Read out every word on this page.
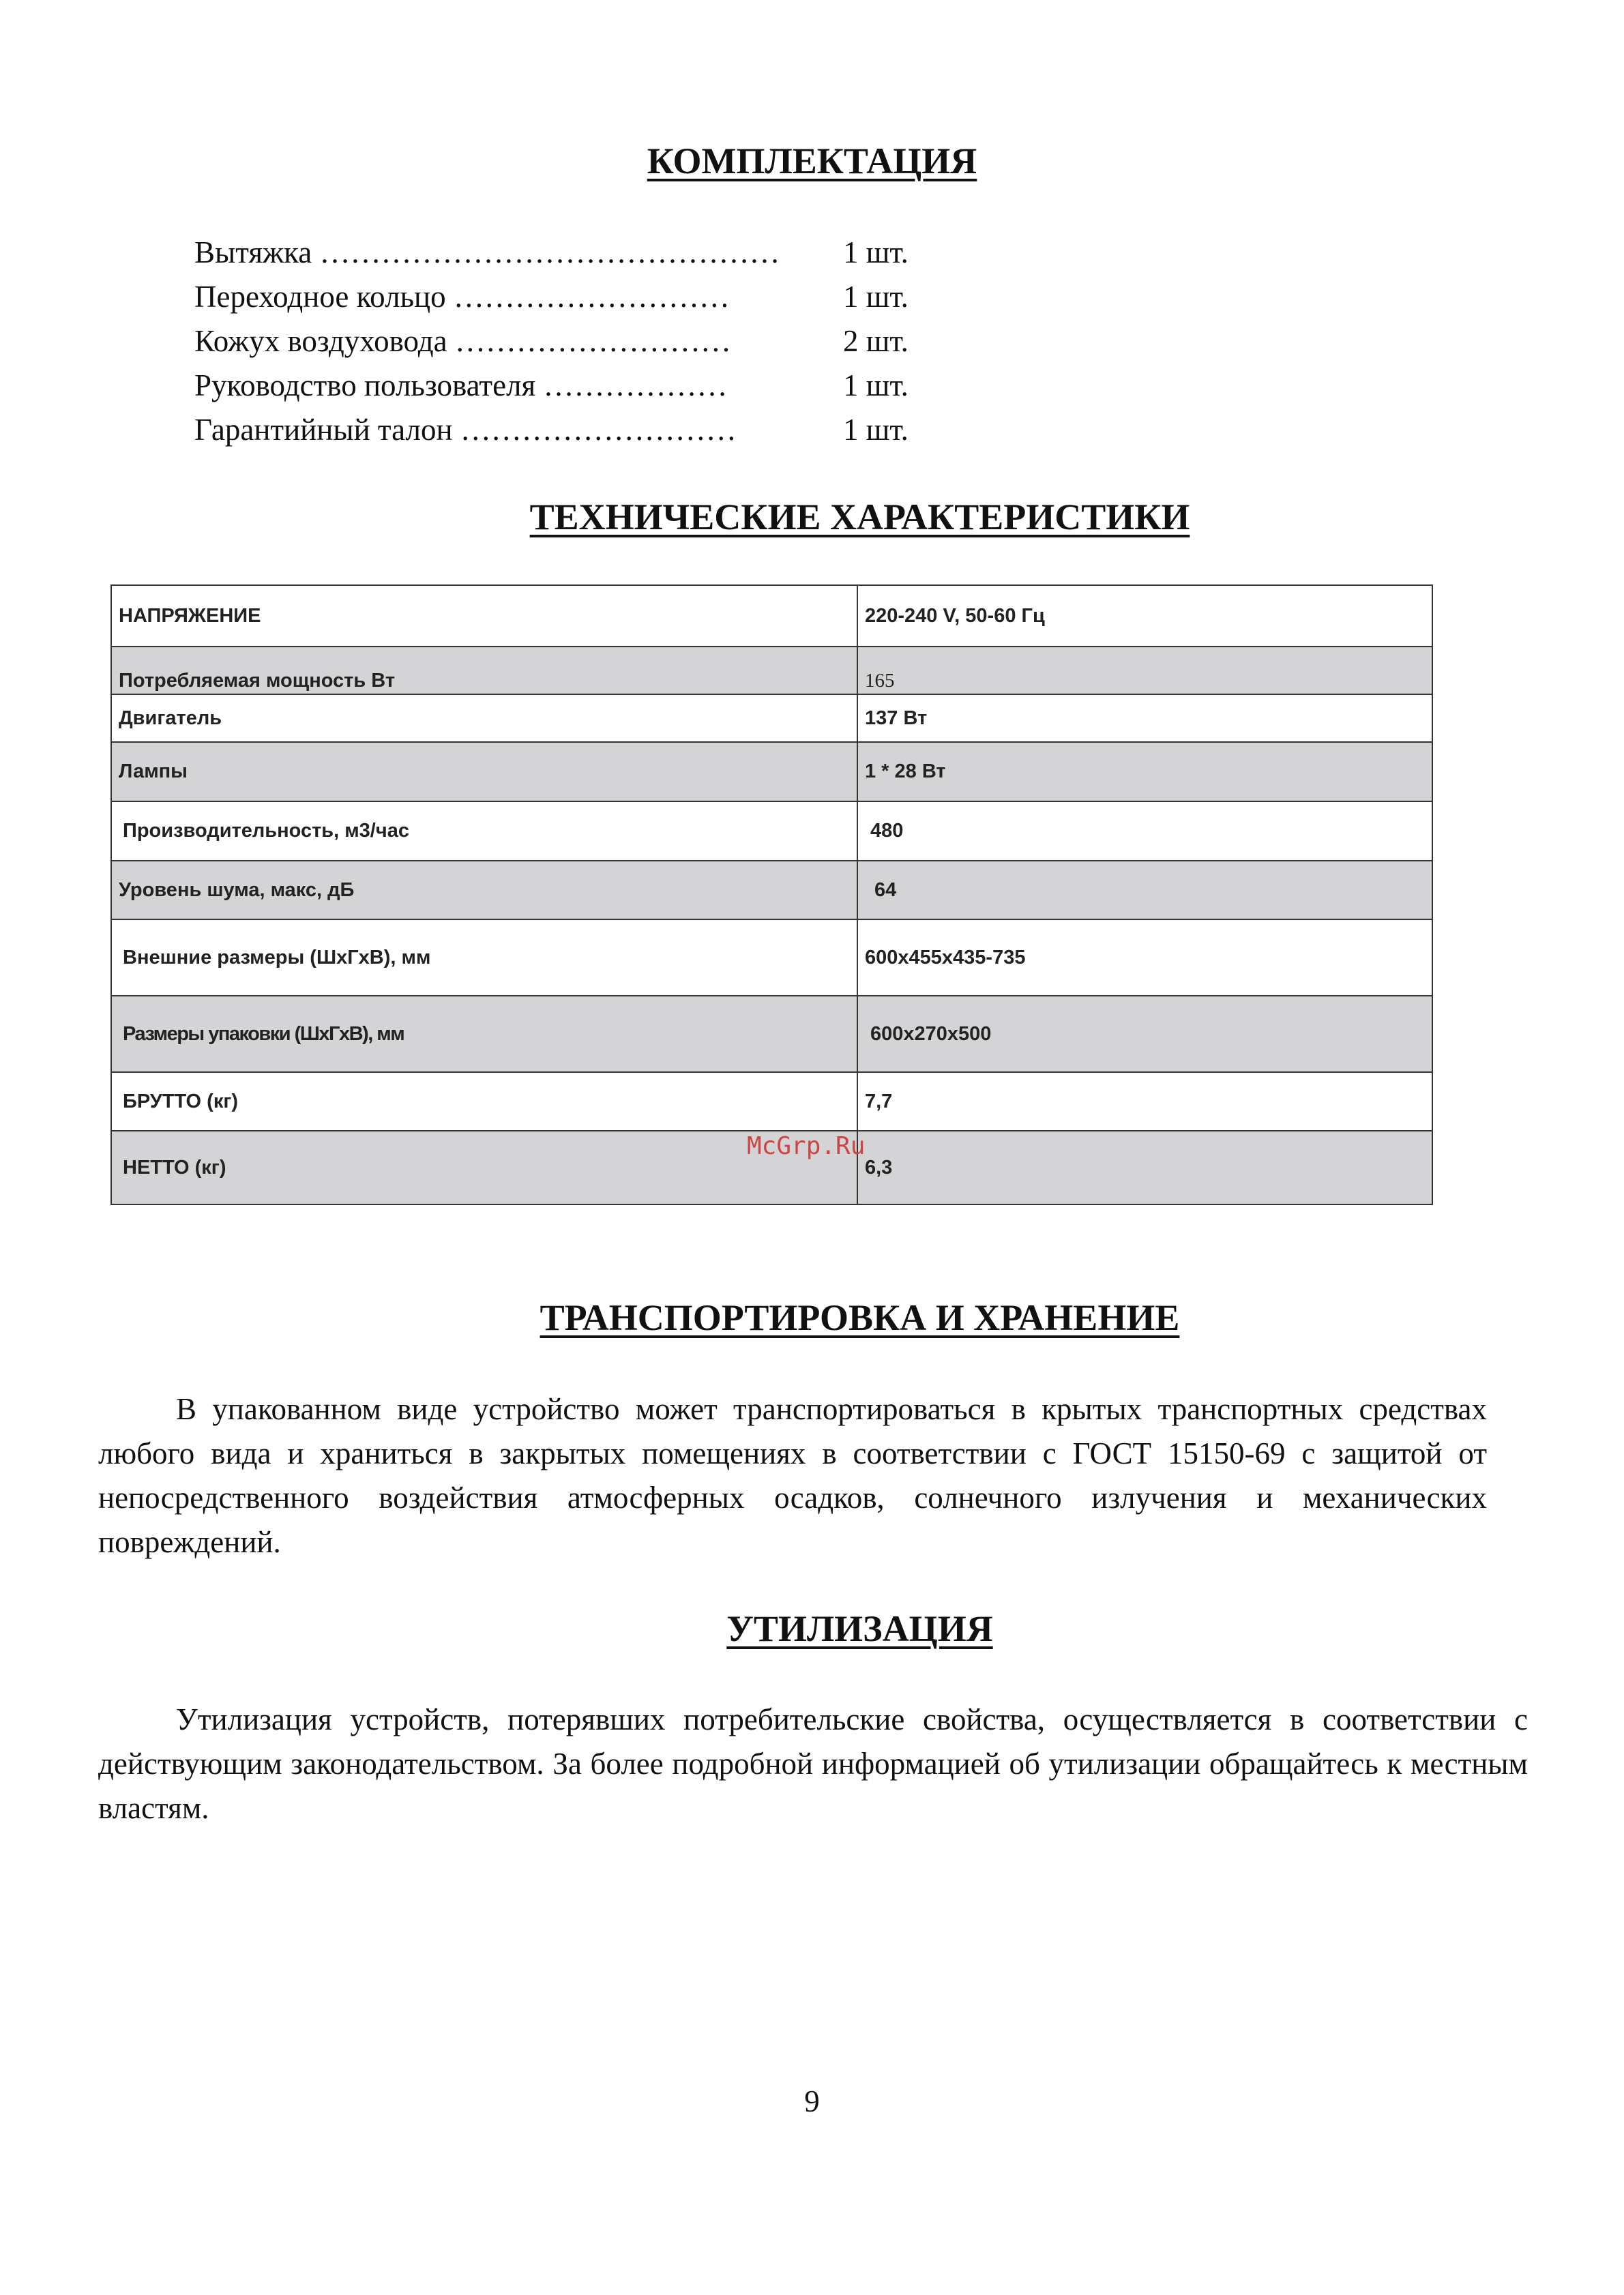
КОМПЛЕКТАЦИЯ
Вытяжка ……………………………………… 1 шт.
Переходное кольцо ………………………	1 шт.
Кожух воздуховода ………………………	2 шт.
Руководство пользователя ………………	1 шт.
Гарантийный талон ………………………	1 шт.
ТЕХНИЧЕСКИЕ ХАРАКТЕРИСТИКИ
НАПРЯЖЕНИЕ	220-240 V, 50-60 Гц
Потребляемая мощность Вт	165
Двигатель	137 Вт
Лампы	1 * 28 Вт
Производительность, м3/час	480
Уровень шума, макс, дБ	64
Внешние размеры (ШxГxВ), мм	600x455x435-735
Размеры упаковки (ШxГxВ), мм	600x270x500
БРУТТО (кг)	7,7
НЕТТО (кг)	6,3
McGrp.Ru
ТРАНСПОРТИРОВКА И ХРАНЕНИЕ
В упакованном виде устройство может транспортироваться в крытых транспортных средствах любого вида и храниться в закрытых помещениях в соответствии с ГОСТ 15150-69 с защитой от непосредственного воздействия атмосферных осадков, солнечного излучения и механических повреждений.
УТИЛИЗАЦИЯ
Утилизация устройств, потерявших потребительские свойства, осуществляется в соответствии с действующим законодательством. За более подробной информацией об утилизации обращайтесь к местным властям.
9
